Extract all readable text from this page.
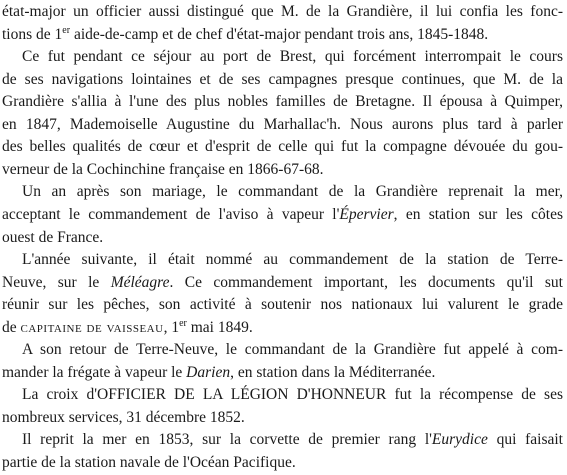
état-major un officier aussi distingué que M. de la Grandière, il lui confia les fonc-
tions de 1er aide-de-camp et de chef d'état-major pendant trois ans, 1845-1848.
Ce fut pendant ce séjour au port de Brest, qui forcément interrompait le cours
de ses navigations lointaines et de ses campagnes presque continues, que M. de la
Grandière s'allia à l'une des plus nobles familles de Bretagne. Il épousa à Quimper,
en 1847, Mademoiselle Augustine du Marhallac'h. Nous aurons plus tard à parler
des belles qualités de cœur et d'esprit de celle qui fut la compagne dévouée du gou-
verneur de la Cochinchine française en 1866-67-68.
Un an après son mariage, le commandant de la Grandière reprenait la mer,
acceptant le commandement de l'aviso à vapeur l'Épervier, en station sur les côtes
ouest de France.
L'année suivante, il était nommé au commandement de la station de Terre-
Neuve, sur le Méléagre. Ce commandement important, les documents qu'il sut
réunir sur les pêches, son activité à soutenir nos nationaux lui valurent le grade
de capitaine de vaisseau, 1er mai 1849.
A son retour de Terre-Neuve, le commandant de la Grandière fut appelé à com-
mander la frégate à vapeur le Darien, en station dans la Méditerranée.
La croix d'OFFICIER DE LA LÉGION D'HONNEUR fut la récompense de ses
nombreux services, 31 décembre 1852.
Il reprit la mer en 1853, sur la corvette de premier rang l'Eurydice qui faisait
partie de la station navale de l'Océan Pacifique.
